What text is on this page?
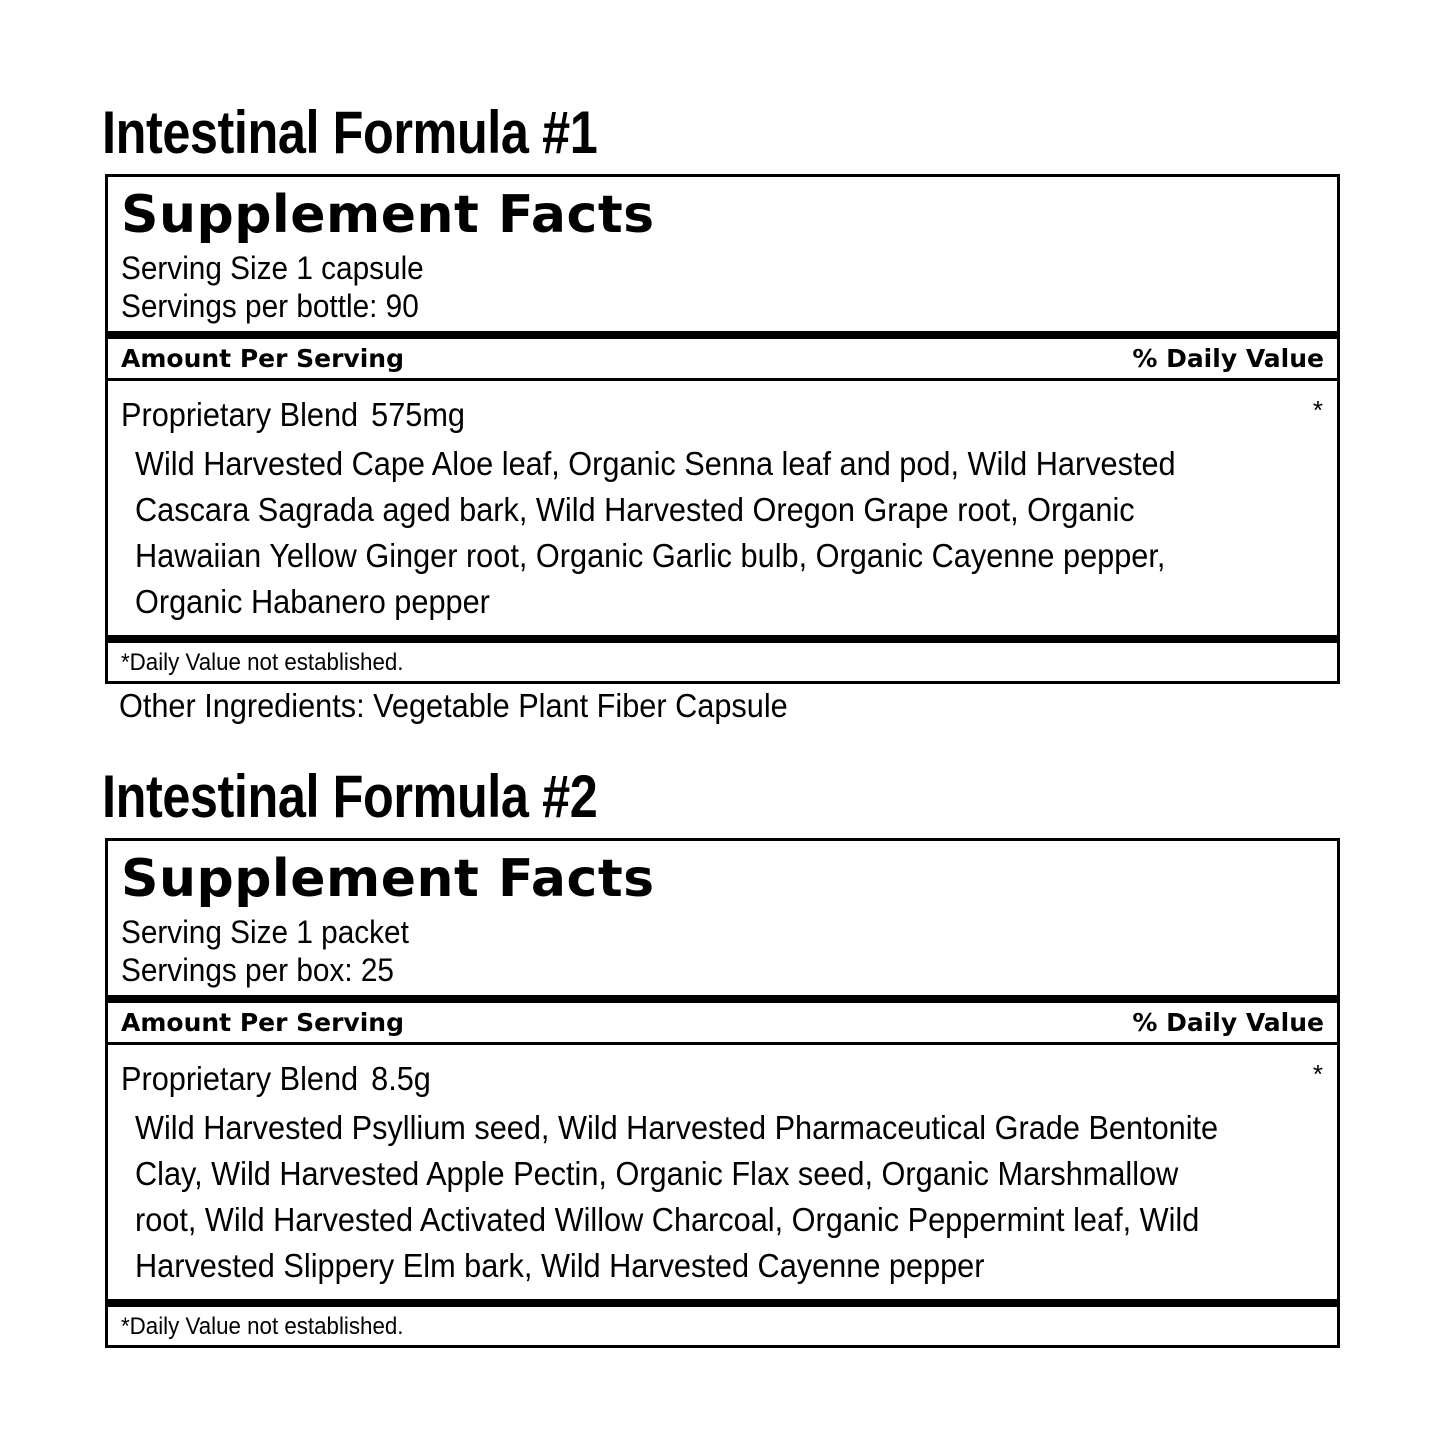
Intestinal Formula #1
Supplement Facts
Serving Size 1 capsule
Servings per bottle: 90
Amount Per Serving	% Daily Value
Proprietary Blend 575mg	*
Wild Harvested Cape Aloe leaf, Organic Senna leaf and pod, Wild Harvested
Cascara Sagrada aged bark, Wild Harvested Oregon Grape root, Organic
Hawaiian Yellow Ginger root, Organic Garlic bulb, Organic Cayenne pepper,
Organic Habanero pepper
*Daily Value not established.
Other Ingredients: Vegetable Plant Fiber Capsule
Intestinal Formula #2
Supplement Facts
Serving Size 1 packet
Servings per box: 25
Amount Per Serving	% Daily Value
Proprietary Blend 8.5g	*
Wild Harvested Psyllium seed, Wild Harvested Pharmaceutical Grade Bentonite
Clay, Wild Harvested Apple Pectin, Organic Flax seed, Organic Marshmallow
root, Wild Harvested Activated Willow Charcoal, Organic Peppermint leaf, Wild
Harvested Slippery Elm bark, Wild Harvested Cayenne pepper
*Daily Value not established.
